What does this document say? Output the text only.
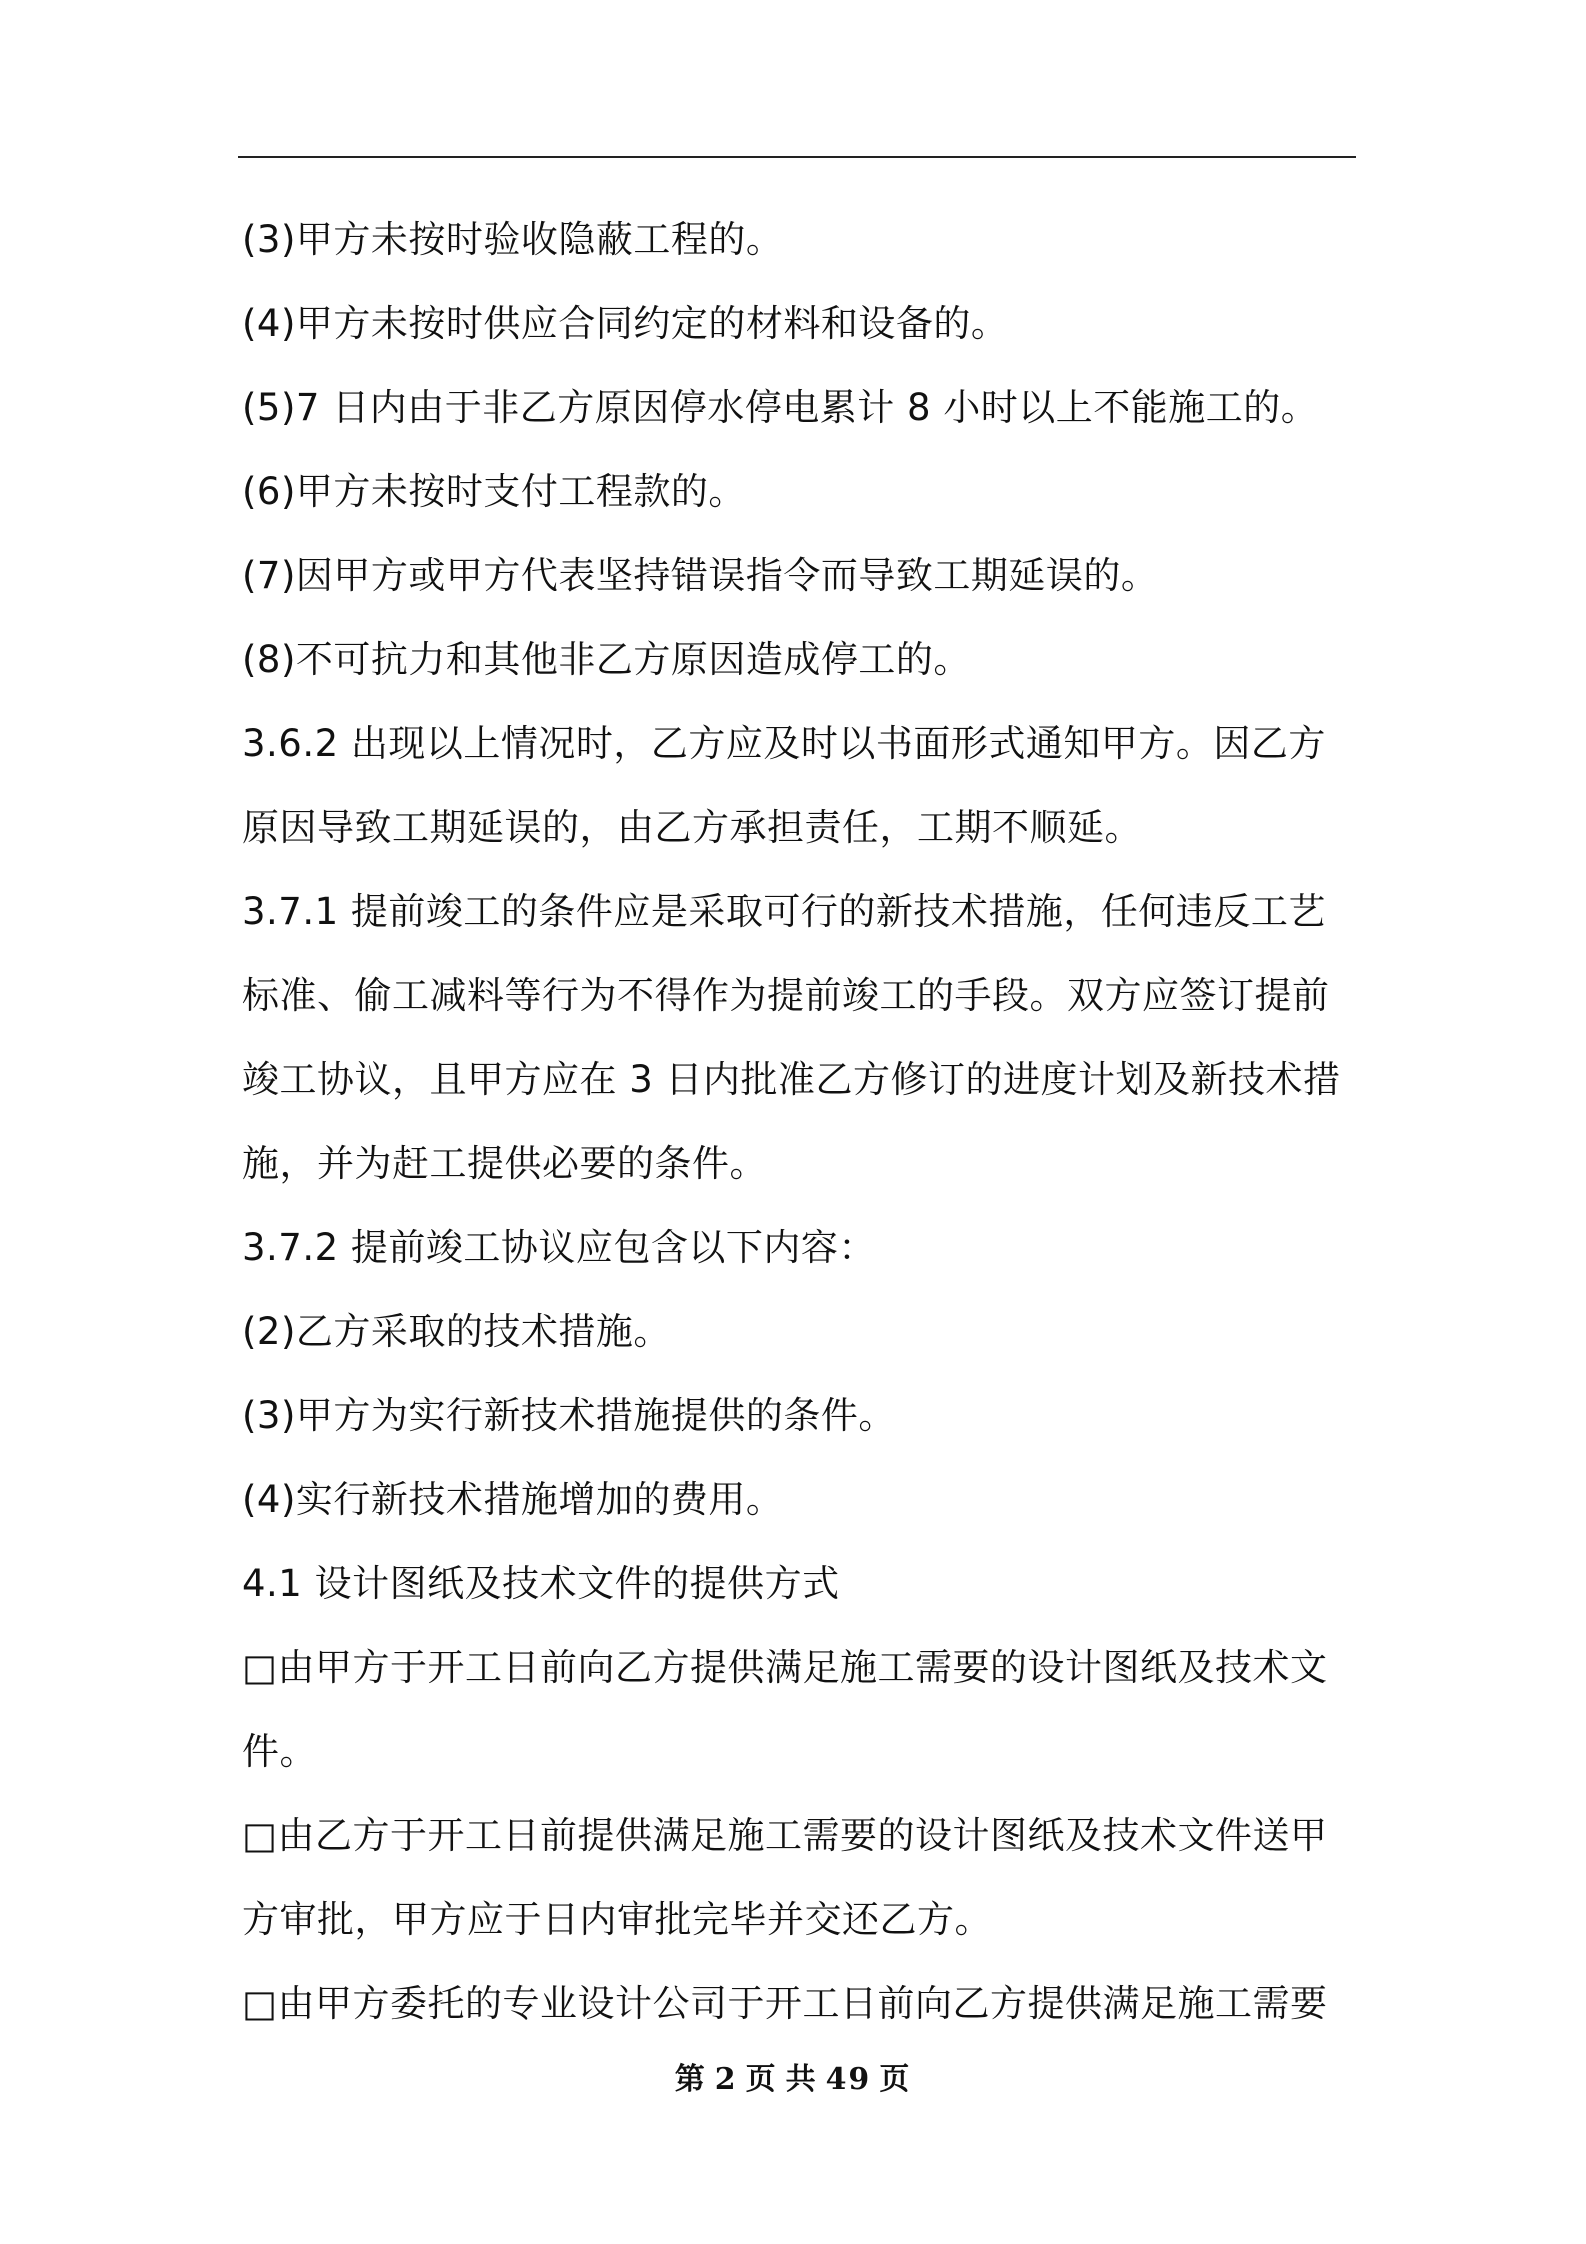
(3)甲方未按时验收隐蔽工程的。

(4)甲方未按时供应合同约定的材料和设备的。

(5)7 日内由于非乙方原因停水停电累计 8 小时以上不能施工的。

(6)甲方未按时支付工程款的。

(7)因甲方或甲方代表坚持错误指令而导致工期延误的。

(8)不可抗力和其他非乙方原因造成停工的。

3.6.2 出现以上情况时，乙方应及时以书面形式通知甲方。因乙方原因导致工期延误的，由乙方承担责任，工期不顺延。

3.7.1 提前竣工的条件应是采取可行的新技术措施，任何违反工艺标准、偷工减料等行为不得作为提前竣工的手段。双方应签订提前竣工协议，且甲方应在 3 日内批准乙方修订的进度计划及新技术措施，并为赶工提供必要的条件。

3.7.2 提前竣工协议应包含以下内容：

(2)乙方采取的技术措施。

(3)甲方为实行新技术措施提供的条件。

(4)实行新技术措施增加的费用。

4.1 设计图纸及技术文件的提供方式

□由甲方于开工日前向乙方提供满足施工需要的设计图纸及技术文件。

□由乙方于开工日前提供满足施工需要的设计图纸及技术文件送甲方审批，甲方应于日内审批完毕并交还乙方。

□由甲方委托的专业设计公司于开工日前向乙方提供满足施工需要

第 2 页 共 49 页
